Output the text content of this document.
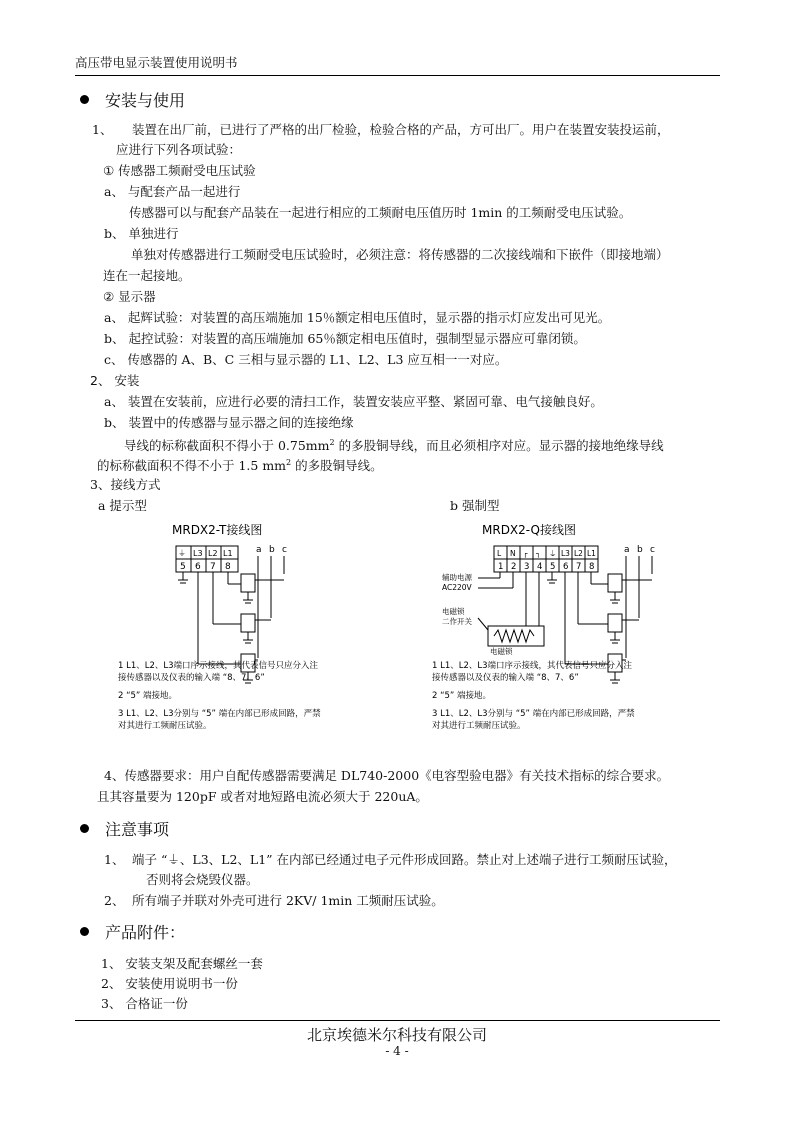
高压带电显示装置使用说明书
安装与使用
1、 装置在出厂前，已进行了严格的出厂检验，检验合格的产品，方可出厂。用户在装置安装投运前，
应进行下列各项试验：
① 传感器工频耐受电压试验
a、 与配套产品一起进行
传感器可以与配套产品装在一起进行相应的工频耐电压值历时 1min 的工频耐受电压试验。
b、 单独进行
单独对传感器进行工频耐受电压试验时，必须注意：将传感器的二次接线端和下嵌件（即接地端）
连在一起接地。
② 显示器
a、 起辉试验：对装置的高压端施加 15％额定相电压值时，显示器的指示灯应发出可见光。
b、 起控试验：对装置的高压端施加 65％额定相电压值时，强制型显示器应可靠闭锁。
c、 传感器的 A、B、C 三相与显示器的 L1、L2、L3 应互相一一对应。
2、 安装
a、 装置在安装前，应进行必要的清扫工作，装置安装应平整、紧固可靠、电气接触良好。
b、 装置中的传感器与显示器之间的连接绝缘
导线的标称截面积不得小于 $0.75mm^2$ 的多股铜导线，而且必须相序对应。显示器的接地绝缘导线
的标称截面积不得不小于 1.5 $mm^2$ 的多股铜导线。
3、接线方式
a 提示型	b 强制型
MRDX2-T接线图
⏚ L3 L2 L1
5 6 7 8
a b c
1 L1、L2、L3端口序示接线，其代表信号只应分入注
接传感器以及仪表的输入端 “8、7、6”
2 “5” 端接地。
3 L1、L2、L3分别与 “5” 端在内部已形成回路，严禁
对其进行工频耐压试验。
MRDX2-Q接线图
L N ┌ ┐ ⏚ L3 L2 L1
1 2 3 4 5 6 7 8
a b c
辅助电源
AC220V
电磁锁
二作开关
电磁锁
1 L1、L2、L3端口序示接线，其代表信号只应分入注
接传感器以及仪表的输入端 “8、7、6”
2 “5” 端接地。
3 L1、L2、L3分别与 “5” 端在内部已形成回路，严禁
对其进行工频耐压试验。
4、传感器要求：用户自配传感器需要满足 DL740-2000《电容型验电器》有关技术指标的综合要求。
且其容量要为 120pF 或者对地短路电流必须大于 220uA。
注意事项
1、 端子 “⏚、L3、L2、L1” 在内部已经通过电子元件形成回路。禁止对上述端子进行工频耐压试验，
否则将会烧毁仪器。
2、 所有端子并联对外壳可进行 2KV/ 1min 工频耐压试验。
产品附件：
1、 安装支架及配套螺丝一套
2、 安装使用说明书一份
3、 合格证一份
北京埃德米尔科技有限公司
- 4 -
